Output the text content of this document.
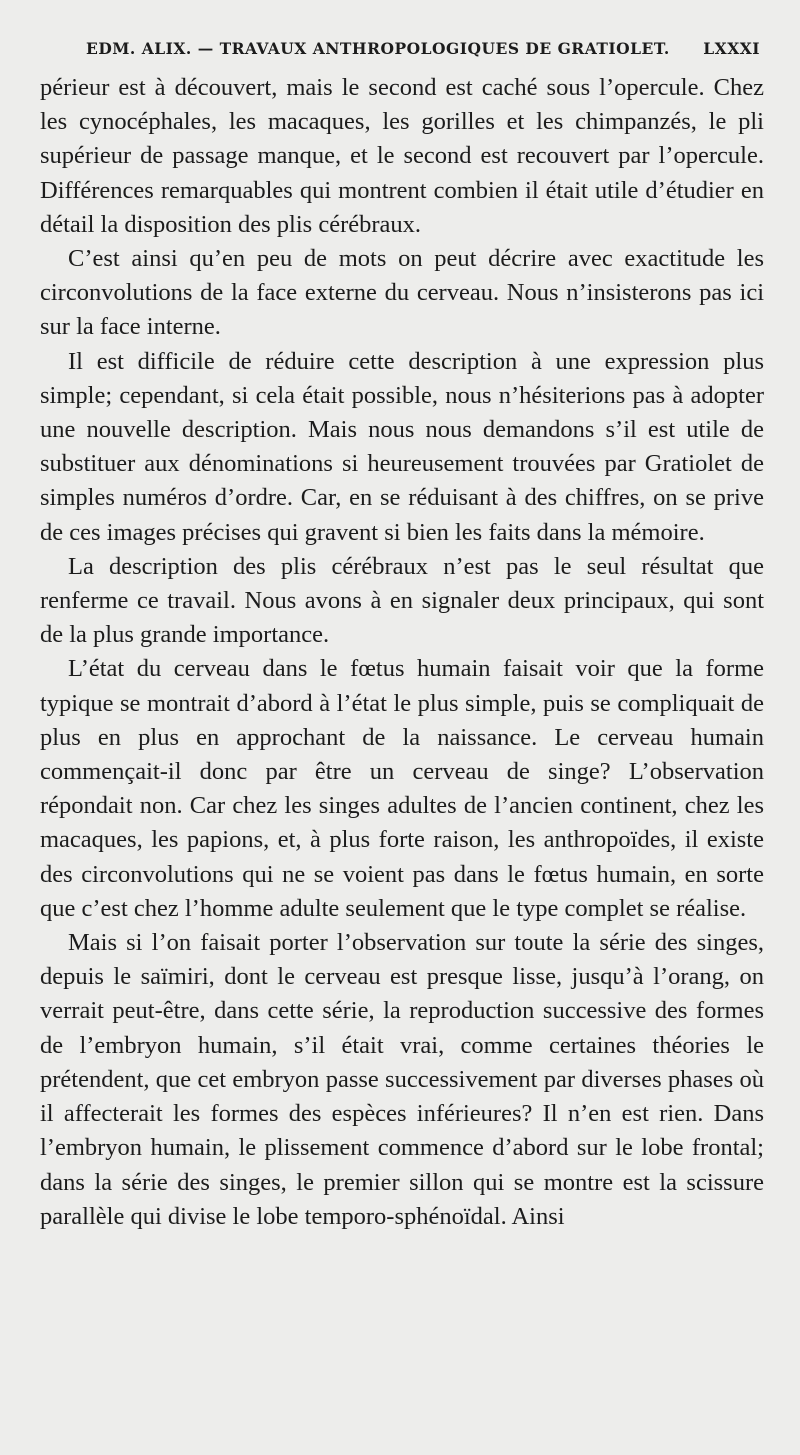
EDM. ALIX. — TRAVAUX ANTHROPOLOGIQUES DE GRATIOLET. LXXXI

périeur est à découvert, mais le second est caché sous l’opercule. Chez les cynocéphales, les macaques, les gorilles et les chimpanzés, le pli supérieur de passage manque, et le second est recouvert par l’opercule. Différences remarquables qui montrent combien il était utile d’étudier en détail la disposition des plis cérébraux.

C’est ainsi qu’en peu de mots on peut décrire avec exactitude les circonvolutions de la face externe du cerveau. Nous n’insisterons pas ici sur la face interne.

Il est difficile de réduire cette description à une expression plus simple; cependant, si cela était possible, nous n’hésiterions pas à adopter une nouvelle description. Mais nous nous demandons s’il est utile de substituer aux dénominations si heureusement trouvées par Gratiolet de simples numéros d’ordre. Car, en se réduisant à des chiffres, on se prive de ces images précises qui gravent si bien les faits dans la mémoire.

La description des plis cérébraux n’est pas le seul résultat que renferme ce travail. Nous avons à en signaler deux principaux, qui sont de la plus grande importance.

L’état du cerveau dans le fœtus humain faisait voir que la forme typique se montrait d’abord à l’état le plus simple, puis se compliquait de plus en plus en approchant de la naissance. Le cerveau humain commençait-il donc par être un cerveau de singe? L’observation répondait non. Car chez les singes adultes de l’ancien continent, chez les macaques, les papions, et, à plus forte raison, les anthropoïdes, il existe des circonvolutions qui ne se voient pas dans le fœtus humain, en sorte que c’est chez l’homme adulte seulement que le type complet se réalise.

Mais si l’on faisait porter l’observation sur toute la série des singes, depuis le saïmiri, dont le cerveau est presque lisse, jusqu’à l’orang, on verrait peut-être, dans cette série, la reproduction successive des formes de l’embryon humain, s’il était vrai, comme certaines théories le prétendent, que cet embryon passe successivement par diverses phases où il affecterait les formes des espèces inférieures? Il n’en est rien. Dans l’embryon humain, le plissement commence d’abord sur le lobe frontal; dans la série des singes, le premier sillon qui se montre est la scissure parallèle qui divise le lobe temporo-sphénoïdal. Ainsi
